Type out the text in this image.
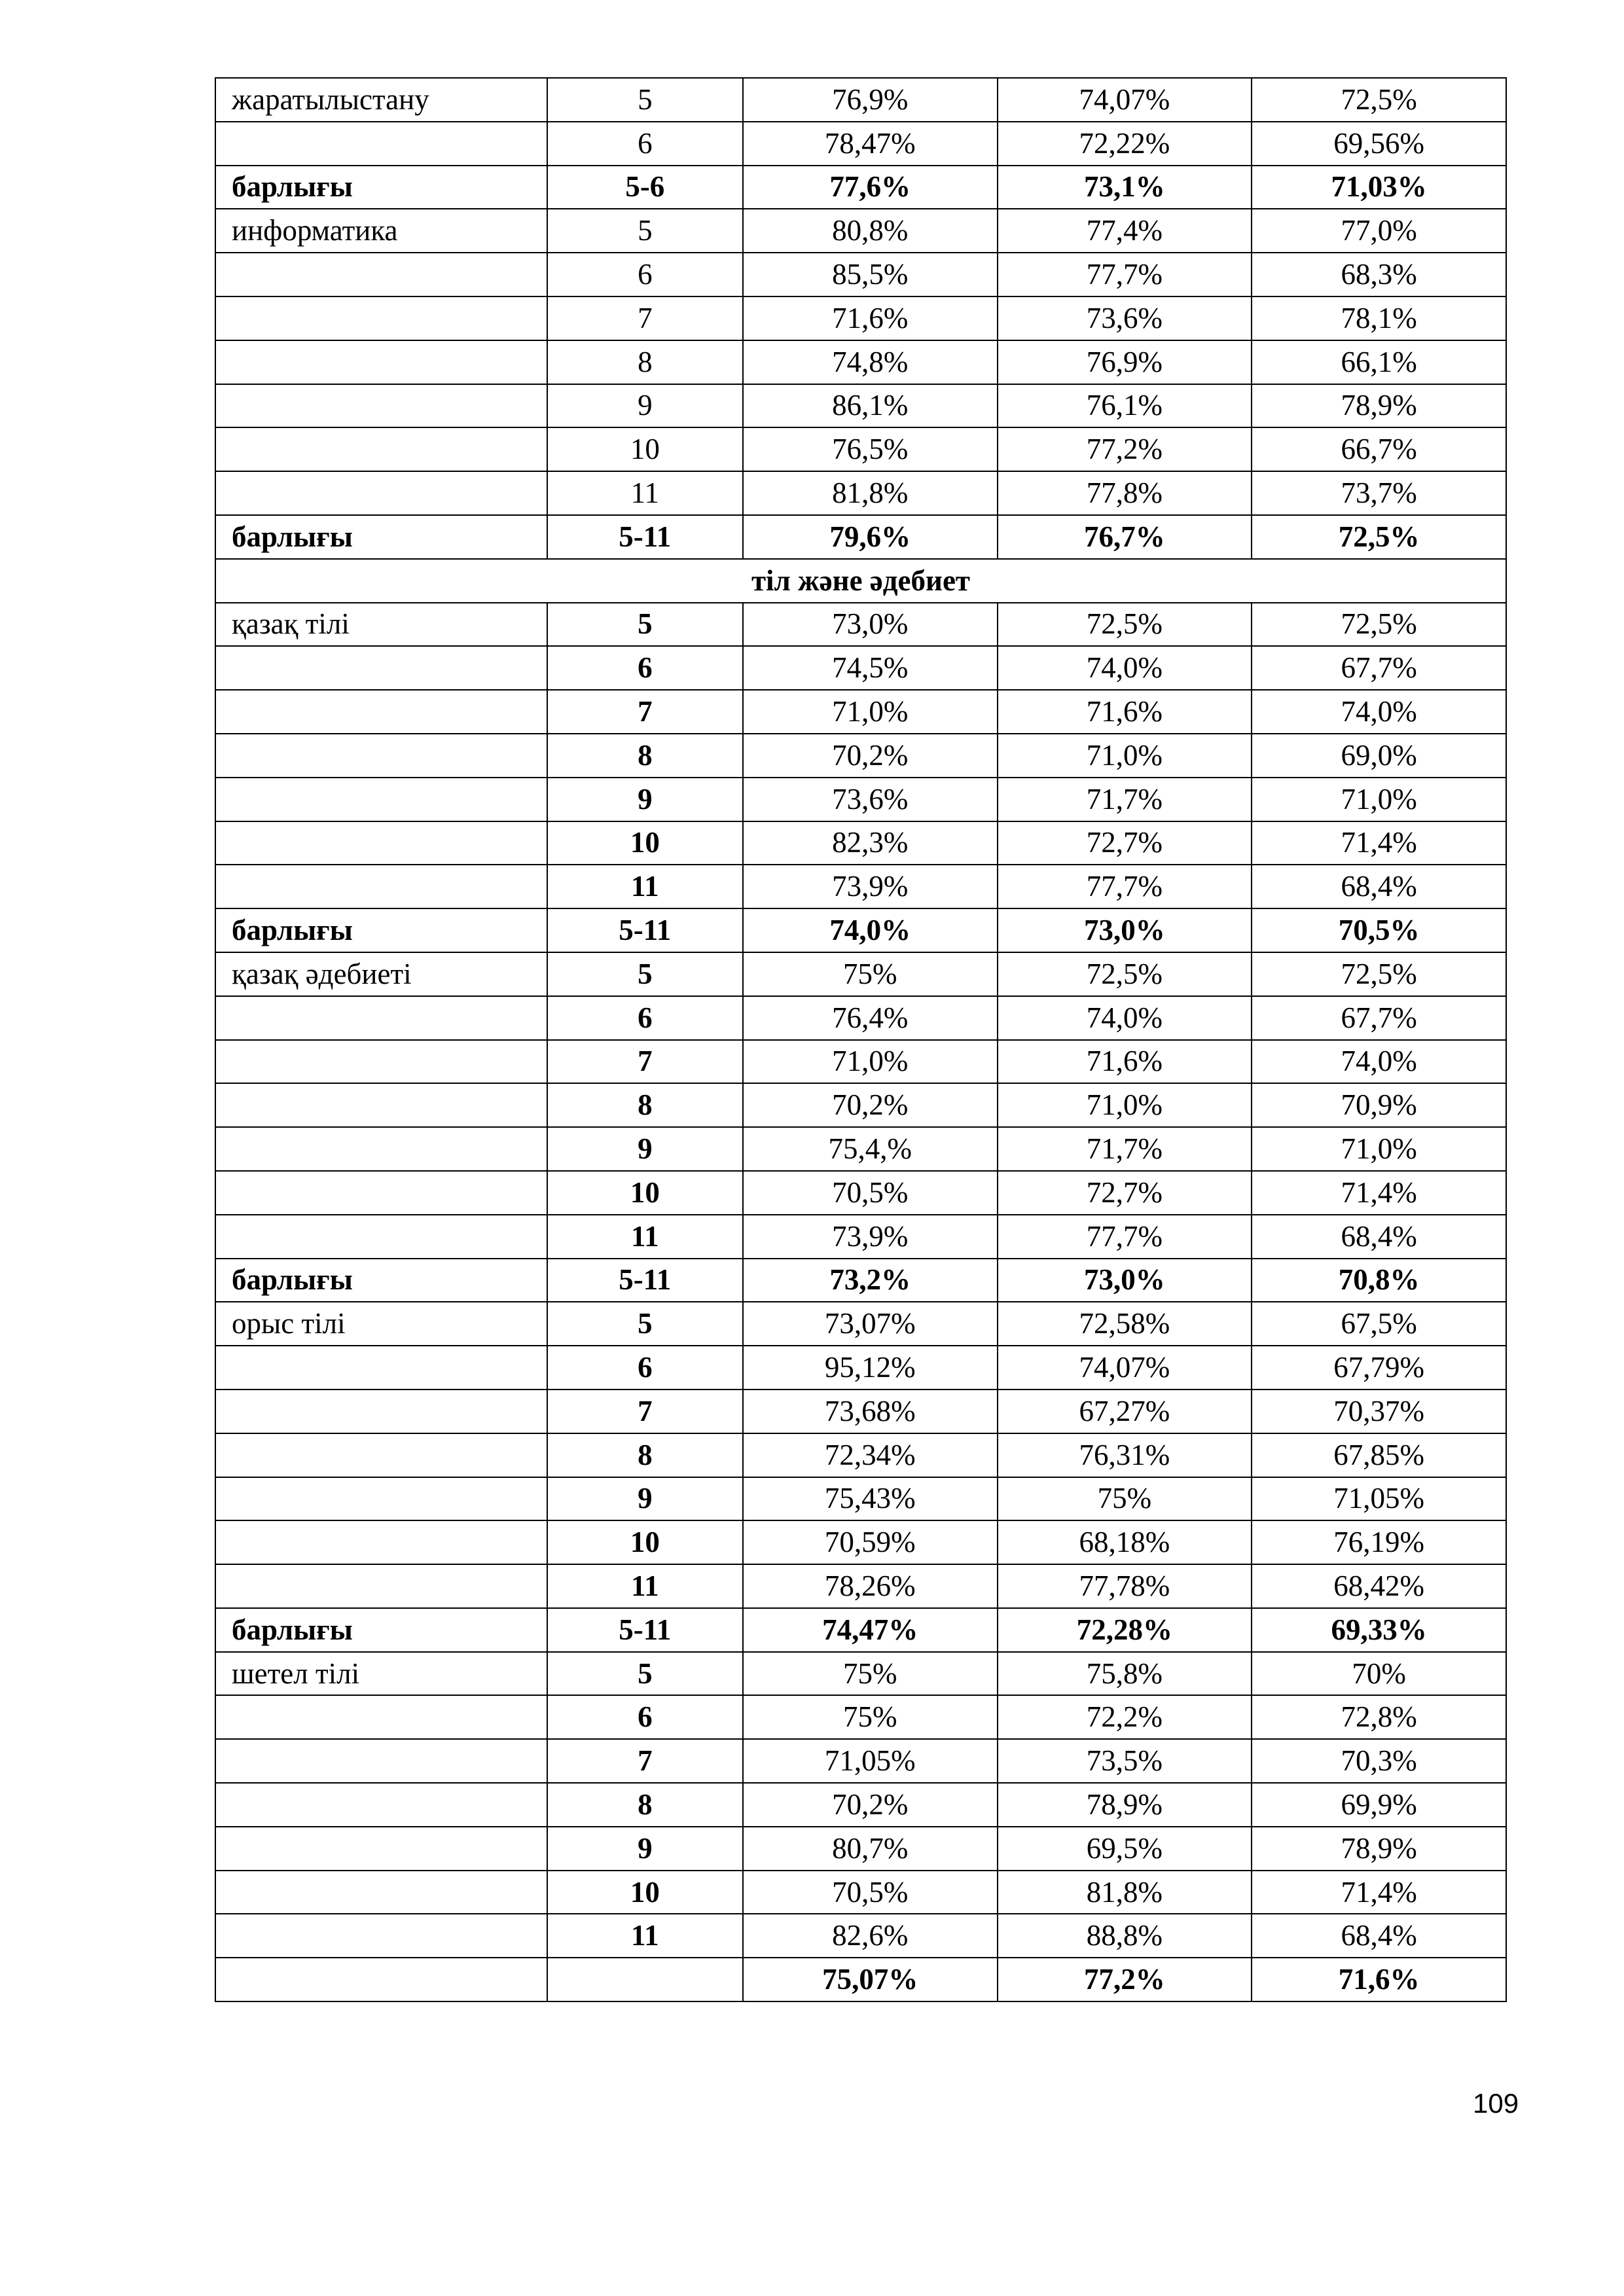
жаратылыстану	5	76,9%	74,07%	72,5%
	6	78,47%	72,22%	69,56%
барлығы	5-6	77,6%	73,1%	71,03%
информатика	5	80,8%	77,4%	77,0%
	6	85,5%	77,7%	68,3%
	7	71,6%	73,6%	78,1%
	8	74,8%	76,9%	66,1%
	9	86,1%	76,1%	78,9%
	10	76,5%	77,2%	66,7%
	11	81,8%	77,8%	73,7%
барлығы	5-11	79,6%	76,7%	72,5%
тіл және әдебиет				
қазақ тілі	5	73,0%	72,5%	72,5%
	6	74,5%	74,0%	67,7%
	7	71,0%	71,6%	74,0%
	8	70,2%	71,0%	69,0%
	9	73,6%	71,7%	71,0%
	10	82,3%	72,7%	71,4%
	11	73,9%	77,7%	68,4%
барлығы	5-11	74,0%	73,0%	70,5%
қазақ әдебиеті	5	75%	72,5%	72,5%
	6	76,4%	74,0%	67,7%
	7	71,0%	71,6%	74,0%
	8	70,2%	71,0%	70,9%
	9	75,4,%	71,7%	71,0%
	10	70,5%	72,7%	71,4%
	11	73,9%	77,7%	68,4%
барлығы	5-11	73,2%	73,0%	70,8%
орыс тілі	5	73,07%	72,58%	67,5%
	6	95,12%	74,07%	67,79%
	7	73,68%	67,27%	70,37%
	8	72,34%	76,31%	67,85%
	9	75,43%	75%	71,05%
	10	70,59%	68,18%	76,19%
	11	78,26%	77,78%	68,42%
барлығы	5-11	74,47%	72,28%	69,33%
шетел тілі	5	75%	75,8%	70%
	6	75%	72,2%	72,8%
	7	71,05%	73,5%	70,3%
	8	70,2%	78,9%	69,9%
	9	80,7%	69,5%	78,9%
	10	70,5%	81,8%	71,4%
	11	82,6%	88,8%	68,4%
		75,07%	77,2%	71,6%
109
